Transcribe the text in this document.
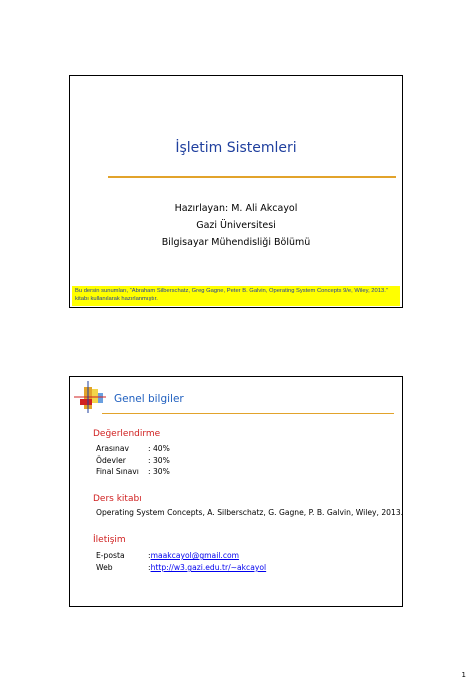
İşletim Sistemleri
Hazırlayan: M. Ali Akcayol
Gazi Üniversitesi
Bilgisayar Mühendisliği Bölümü
Bu dersin sunumları, “Abraham Silberschatz, Greg Gagne, Peter B. Galvin, Operating System Concepts 9/e, Wiley, 2013.” kitabı kullanılarak hazırlanmıştır.
Genel bilgiler
Değerlendirme
Arasınav	: 40%
Ödevler	: 30%
Final Sınavı	: 30%
Ders kitabı
Operating System Concepts, A. Silberschatz, G. Gagne, P. B. Galvin, Wiley, 2013.
İletişim
E-posta	: maakcayol@gmail.com
Web	: http://w3.gazi.edu.tr/~akcayol
1
